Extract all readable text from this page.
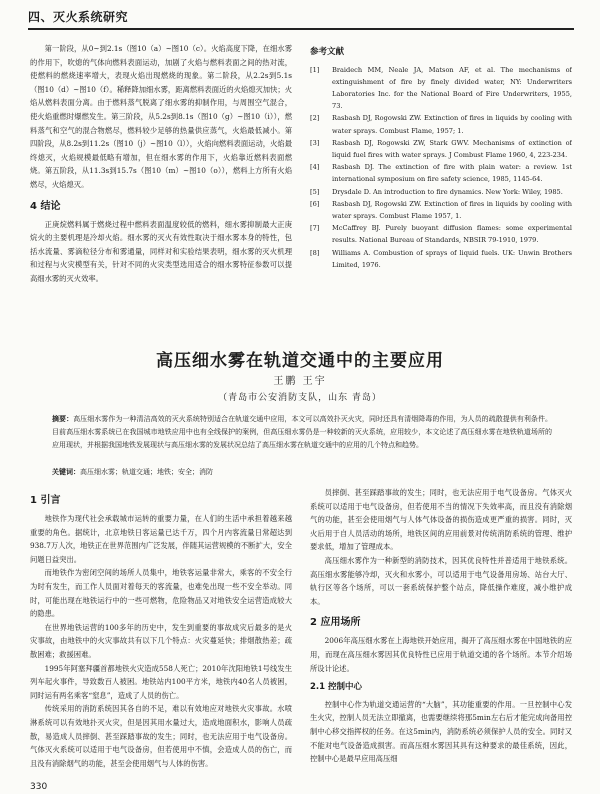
四、灭火系统研究

第一阶段，从0~到2.1s（图10（a）~图10（c）。火焰高度下降，在细水雾的作用下，吹熄的气体向燃料表面运动，加剧了火焰与燃料表面之间的热对流，使燃料的燃烧速率增大，表现火焰出现燃烧的现象。第二阶段，从2.2s到5.1s（图10（d）~图10（f）。稀释降加细水雾，距离燃料表面近的火焰熄灭加快；火焰从燃料表面分离。由于燃料蒸气脱离了细水雾的抑制作用，与周围空气混合，使火焰重燃时爆燃发生。第三阶段，从5.2s到8.1s（图10（g）~图10（i）），燃料蒸气和空气的混合物燃尽，燃料较少足够的热量供应蒸气，火焰最低减小。第四阶段，从8.2s到11.2s（图10（j）~图10（l）），火焰向燃料表面运动，火焰最终熄灭，火焰规模最低略有增加，但在细水雾的作用下，火焰靠近燃料表面燃烧。第五阶段，从11.3s到15.7s（图10（m）~图10（o）），燃料上方所有火焰燃尽，火焰熄灭。

4 结论

正庚烷燃料属于燃烧过程中燃料表面温度较低的燃料，细水雾抑制最大正庚烷火的主要机理是冷却火焰。细水雾的灭火有效性取决于细水雾本身的特性，包括水流量、雾滴粒径分布和雾通量，同样对和实验结果表明，细水雾的灭火机理和过程与火灾模型有关，针对不同的火灾类型选用适合的细水雾特征参数可以提高细水雾的灭火效率。

参考文献
[1]	Braidech MM, Neale JA, Matson AF, et al. The mechanisms of extinguishment of fire by finely divided water, NY: Underwriters Laboratories Inc. for the National Board of Fire Underwriters, 1955, 73.
[2]	Rasbash DJ, Rogowski ZW. Extinction of fires in liquids by cooling with water sprays. Combust Flame, 1957; 1.
[3]	Rasbash DJ, Rogowski ZW, Stark GWV. Mechanisms of extinction of liquid fuel fires with water sprays. J Combust Flame 1960, 4, 223-234.
[4]	Rasbash DJ. The extinction of fire with plain water: a review. 1st international symposium on fire safety science, 1985, 1145-64.
[5]	Drysdale D. An introduction to fire dynamics. New York: Wiley, 1985.
[6]	Rasbash DJ, Rogowski ZW. Extinction of fires in liquids by cooling with water sprays. Combust Flame 1957, 1.
[7]	McCaffrey BJ. Purely buoyant diffusion flames: some experimental results. National Bureau of Standards, NBSIR 79-1910, 1979.
[8]	Williams A. Combustion of sprays of liquid fuels. UK: Unwin Brothers Limited, 1976.
高压细水雾在轨道交通中的主要应用
王鹏 王宇
（青岛市公安消防支队，山东 青岛）
摘要：高压细水雾作为一种清洁高效的灭火系统特别适合在轨道交通中应用，本文可以高效扑灭火灾，同时还具有清烟降毒的作用，为人员的疏散提供有利条件。目前高压细水雾系统已在我国城市地铁应用中也有全线保护的案例，但高压细水雾仍是一种较新的灭火系统，应用较少，本文论述了高压细水雾在地铁轨道场所的应用现状，并根据我国地铁发展现状与高压细水雾的发展状况总结了高压细水雾在轨道交通中的应用的几个特点和趋势。
关键词：高压细水雾；轨道交通；地铁；安全；消防
1 引言

地铁作为现代社会承载城市运转的重要力量，在人们的生活中承担着越来越重要的角色。据统计，北京地铁日客运量已达千万，四个月内客流量日常超达到938.7万人次，地铁正在世界范围内广泛发展，伴随其运营规模的不断扩大，安全问题日益突出。

而地铁作为密闭空间的场所人员集中，地铁客运量非常大，乘客的不安全行为时有发生，而工作人员面对着每天的客流量，也难免出现一些不安全举动。同时，可能出现在地铁运行中的一些可燃物，危险物品又对地铁安全运营造成较大的隐患。

在世界地铁运营的100多年的历史中，发生到重要的事故成灾后最多的是火灾事故，由地铁中的火灾事故共有以下几个特点：火灾蔓延快；排烟散热差；疏散困难；救援困难。

1995年阿塞拜疆首都地铁火灾造成558人死亡；2010年沈阳地铁1号线发生列车起火事件，导致数百人被困。地铁站内100平方米，地铁内40名人员被困，同时运有两名乘客“窒息”，造成了人员的伤亡。

传统采用的消防系统因其各自的不足，难以有效地应对地铁火灾事故。水喷淋系统可以有效地扑灭火灾，但是因其用水量过大，造成地面积水，影响人员疏散，易造成人员摔倒、甚至踩踏事故的发生；同时，也无法应用于电气设备房。气体灭火系统可以适用于电气设备房，但若使用中不慎，会造成人员的伤亡，而且没有消除烟气的功能，甚至会使用烟气与人体的伤害。

员摔倒、甚至踩踏事故的发生；同时，也无法应用于电气设备房。气体灭火系统可以适用于电气设备房，但若使用不当的情况下失效率高，而且没有消除烟气的功能，甚至会使用烟气与人体气体设备的损伤造成更严重的损害。同时，灭火后用于自人员活动的场所，地铁区间的应用前景对传统消防系统的管理、维护要求低，增加了管理成本。

高压细水雾作为一种新型的消防技术，因其优良特性并普适用于地铁系统。高压细水雾能够冷却，灭火和水雾小，可以适用于电气设备用房场、站台大厅、轨行区等各个场所，可以一套系统保护整个站点，降低操作难度，减小维护成本。

2 应用场所

2006年高压细水雾在上海地铁开始应用，揭开了高压细水雾在中国地铁的应用，而现在高压细水雾因其优良特性已应用于轨道交通的各个场所。本节介绍场所设计论述。

2.1 控制中心

控制中心作为轨道交通运营的“大脑”，其功能重要的作用。一旦控制中心发生火灾，控制人员无法立即撤离，也需要继续将那5min左右后才能完成向备用控制中心移交指挥权的任务。在这5min内，消防系统必须保护人员的安全。同时又不能对电气设备造成损害。而高压细水雾因其具有这种要求的最佳系统，因此，控制中心是最早应用高压细

330
